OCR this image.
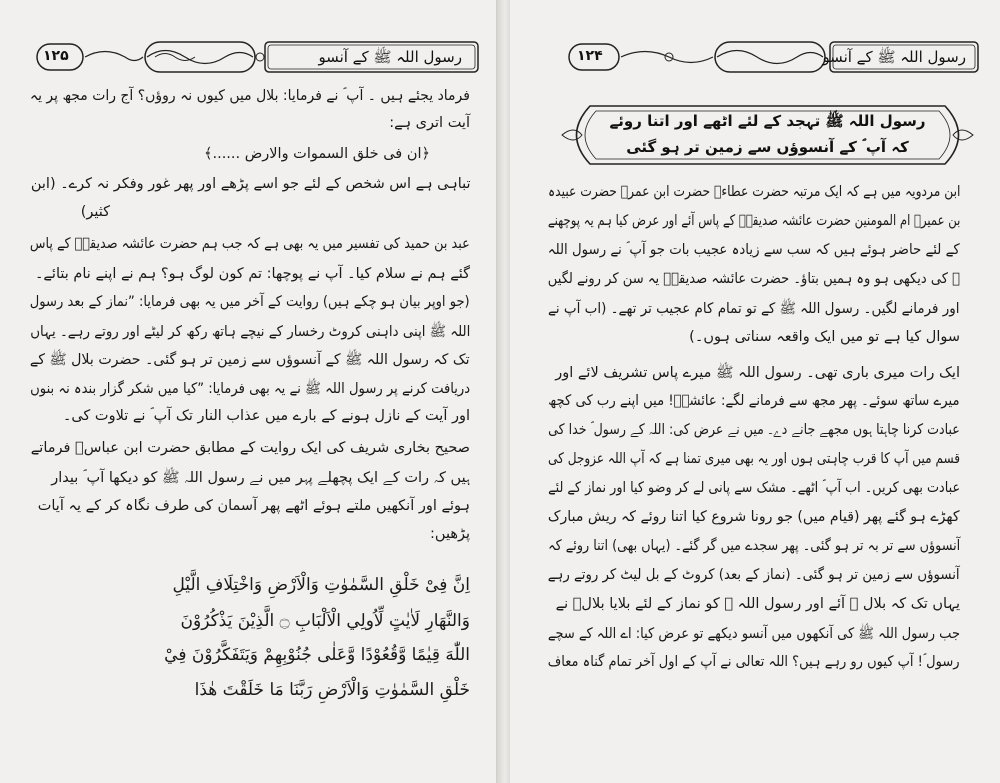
۱۲۵	رسول اللہ ﷺ کے آنسو
فرماد یجئے ہیں ۔ آپ ؐ نے فرمایا: بلال میں کیوں نہ روؤں؟ آج رات مجھ پر یہ
آیت اتری ہے:
﴿ان فی خلق السموات والارض ......﴾
تباہی ہے اس شخص کے لئے جو اسے پڑھے اور پھر غور وفکر نہ کرے۔ (ابن
کثیر)
عبد بن حمید کی تفسیر میں یہ بھی ہے کہ جب ہم حضرت عائشہ صدیقہؓ کے پاس
گئے ہم نے سلام کیا۔ آپ نے پوچھا: تم کون لوگ ہو؟ ہم نے اپنے نام بتائے۔
(جو اوپر بیان ہو چکے ہیں) روایت کے آخر میں یہ بھی فرمایا: ”نماز کے بعد رسول
اللہ ﷺ اپنی داہنی کروٹ رخسار کے نیچے ہاتھ رکھ کر لیٹے اور روتے رہے۔ یہاں
تک کہ رسول اللہ ﷺ کے آنسوؤں سے زمین تر ہو گئی۔ حضرت بلال ﷺ کے
دریافت کرنے پر رسول اللہ ﷺ نے یہ بھی فرمایا: ”کیا میں شکر گزار بندہ نہ بنوں
اور آیت کے نازل ہونے کے بارے میں عذاب النار تک آپ ؐ نے تلاوت کی۔
صحیح بخاری شریف کی ایک روایت کے مطابق حضرت ابن عباسؓ فرماتے
ہیں کہ رات کے ایک پچھلے پہر میں نے رسول اللہ ﷺ کو دیکھا آپ ؐ بیدار
ہوئے اور آنکھیں ملتے ہوئے اٹھے پھر آسمان کی طرف نگاہ کر کے یہ آیات
پڑھیں:
اِنَّ فِیْ خَلْقِ السَّمٰوٰتِ وَالْاَرْضِ وَاخْتِلَافِ الَّیْلِ
وَالنَّهَارِ لَاٰيٰتٍ لِّاُولِي الْاَلْبَابِ ۝ الَّذِيْنَ يَذْكُرُوْنَ
اللّٰهَ قِيٰمًا وَّقُعُوْدًا وَّعَلٰى جُنُوْبِهِمْ وَيَتَفَكَّرُوْنَ فِيْ
خَلْقِ السَّمٰوٰتِ وَالْاَرْضِ رَبَّنَا مَا خَلَقْتَ هٰذَا
۱۲۴	رسول اللہ ﷺ کے آنسو
رسول اللہ ﷺ تہجد کے لئے اٹھے اور اتنا روئے
کہ آپ ؐ کے آنسوؤں سے زمین تر ہو گئی
ابن مردویہ میں ہے کہ ایک مرتبہ حضرت عطاءؒ حضرت ابن عمرؓ حضرت عبیدہ
بن عمیرؓ ام المومنین حضرت عائشہ صدیقہؓ کے پاس آئے اور عرض کیا ہم یہ پوچھنے
کے لئے حاضر ہوئے ہیں کہ سب سے زیادہ عجیب بات جو آپ ؐ نے رسول اللہ
ﷺ کی دیکھی ہو وہ ہمیں بتاؤ۔ حضرت عائشہ صدیقہؓ یہ سن کر رونے لگیں
اور فرمانے لگیں۔ رسول اللہ ﷺ کے تو تمام کام عجیب تر تھے۔ (اب آپ نے
سوال کیا ہے تو میں ایک واقعہ سناتی ہوں۔)
ایک رات میری باری تھی۔ رسول اللہ ﷺ میرے پاس تشریف لائے اور
میرے ساتھ سوئے۔ پھر مجھ سے فرمانے لگے: عائشہؓ! میں اپنے رب کی کچھ
عبادت کرنا چاہتا ہوں مجھے جانے دے۔ میں نے عرض کی: اللہ کے رسول ؐ خدا کی
قسم میں آپ کا قرب چاہتی ہوں اور یہ بھی میری تمنا ہے کہ آپ اللہ عزوجل کی
عبادت بھی کریں۔ اب آپ ؐ اٹھے۔ مشک سے پانی لے کر وضو کیا اور نماز کے لئے
کھڑے ہو گئے پھر (قیام میں) جو رونا شروع کیا اتنا روئے کہ ریش مبارک
آنسوؤں سے تر بہ تر ہو گئی۔ پھر سجدے میں گر گئے۔ (یہاں بھی) اتنا روئے کہ
آنسوؤں سے زمین تر ہو گئی۔ (نماز کے بعد) کروٹ کے بل لیٹ کر روتے رہے
یہاں تک کہ بلال ﷺ آئے اور رسول اللہ ﷺ کو نماز کے لئے بلایا بلالؓ نے
جب رسول اللہ ﷺ کی آنکھوں میں آنسو دیکھے تو عرض کیا: اے اللہ کے سچے
رسول ؐ! آپ کیوں رو رہے ہیں؟ اللہ تعالی نے آپ کے اول آخر تمام گناہ معاف
